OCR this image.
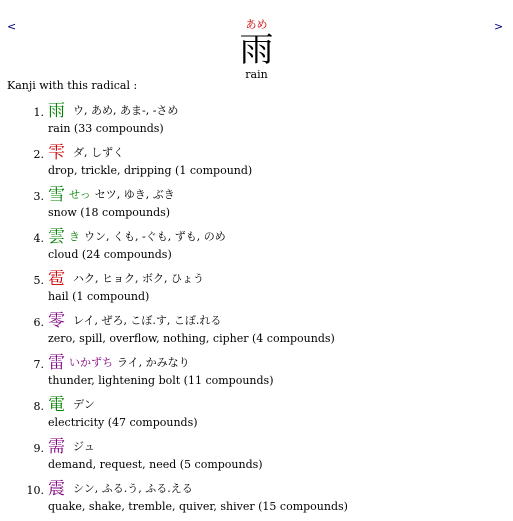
<	>
あめ
雨
rain
Kanji with this radical :
1. 雨ウ, あめ, あま-, -さめ
rain (33 compounds)
2. 雫ダ, しずく
drop, trickle, dripping (1 compound)
3. 雪せっ セツ, ゆき, ぶき
snow (18 compounds)
4. 雲き ウン, くも, -ぐも, ずも, のめ
cloud (24 compounds)
5. 雹ハク, ヒョク, ボク, ひょう
hail (1 compound)
6. 零レイ, ぜろ, こぼ.す, こぼ.れる
zero, spill, overflow, nothing, cipher (4 compounds)
7. 雷いかずち ライ, かみなり
thunder, lightening bolt (11 compounds)
8. 電デン
electricity (47 compounds)
9. 需ジュ
demand, request, need (5 compounds)
10. 震シン, ふる.う, ふる.える
quake, shake, tremble, quiver, shiver (15 compounds)
